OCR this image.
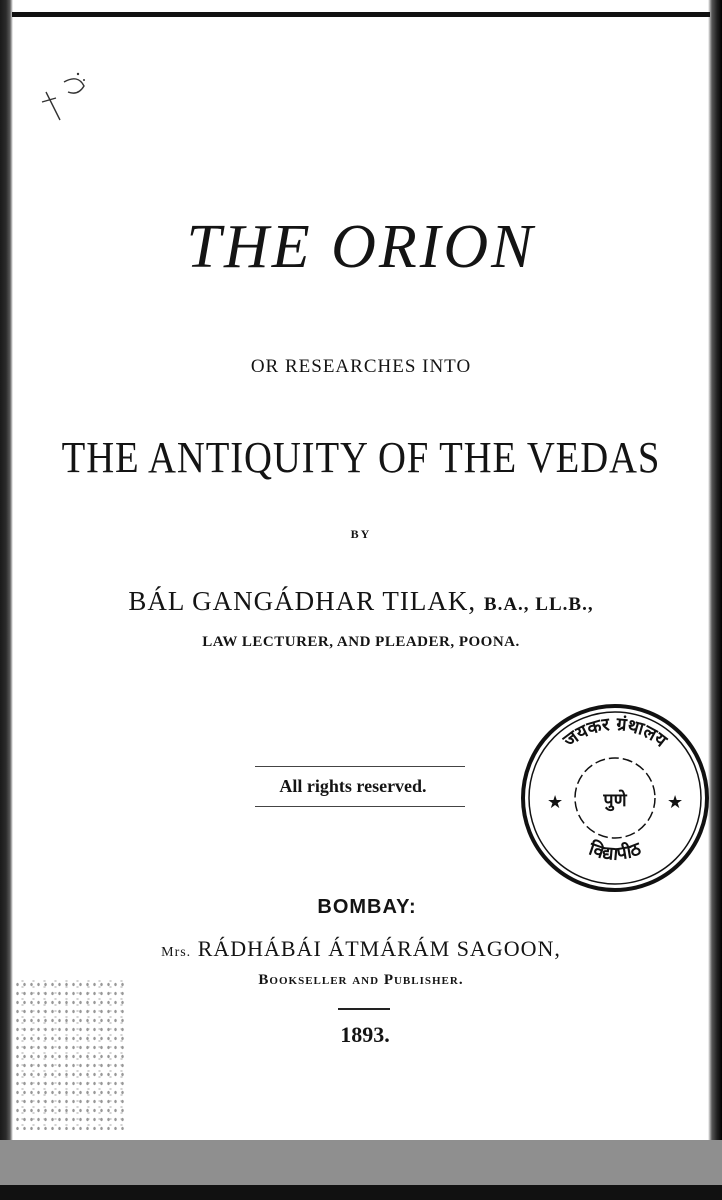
THE ORION
OR RESEARCHES INTO
THE ANTIQUITY OF THE VEDAS
BY
BÁL GANGÁDHAR TILAK, B.A., LL.B.,
LAW LECTURER, AND PLEADER, POONA.
All rights reserved.
जयकर ग्रंथालय
विद्यापीठ
पुणे
★	★
BOMBAY:
Mrs. RÁDHÁBÁI ÁTMÁRÁM SAGOON,
Bookseller and Publisher.
1893.
